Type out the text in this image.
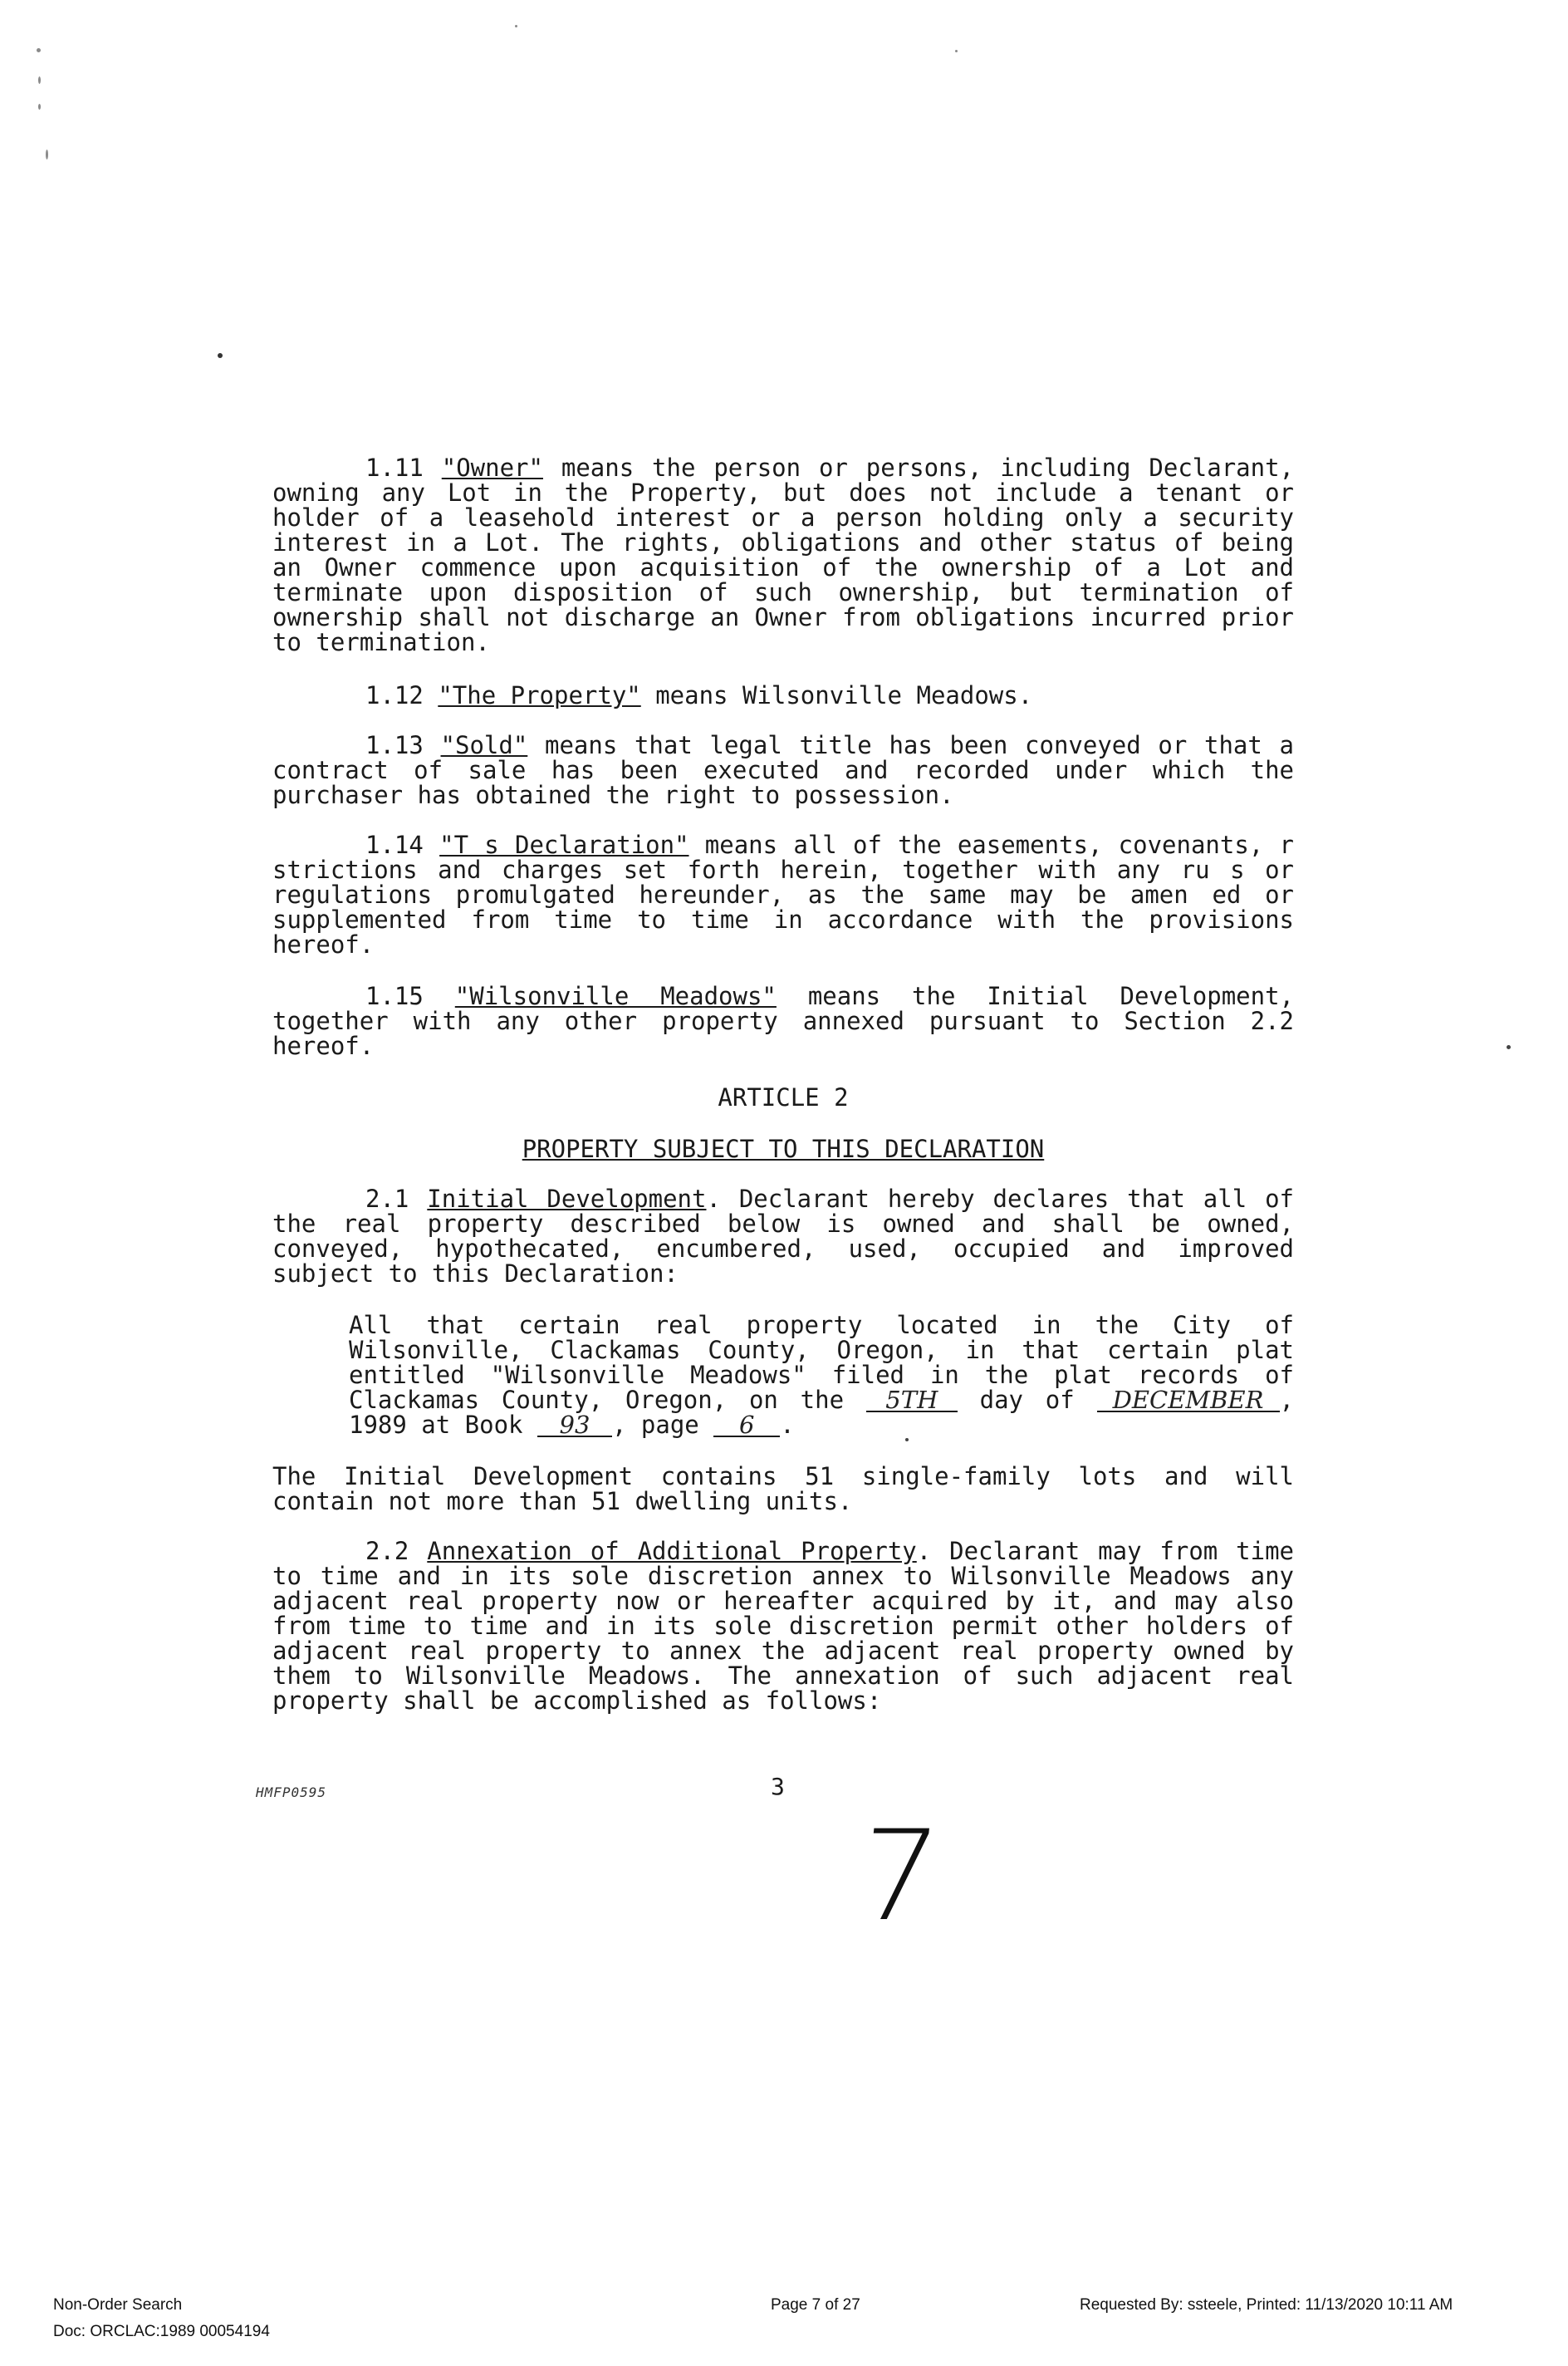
1.11 "Owner" means the person or persons, including Declarant, owning any Lot in the Property, but does not include a tenant or holder of a leasehold interest or a person holding only a security interest in a Lot. The rights, obligations and other status of being an Owner commence upon acquisition of the ownership of a Lot and terminate upon disposition of such ownership, but termination of ownership shall not discharge an Owner from obligations incurred prior to termination.

1.12 "The Property" means Wilsonville Meadows.

1.13 "Sold" means that legal title has been conveyed or that a contract of sale has been executed and recorded under which the purchaser has obtained the right to possession.

1.14 "T s Declaration" means all of the easements, covenants, r strictions and charges set forth herein, together with any ru s or regulations promulgated hereunder, as the same may be amen ed or supplemented from time to time in accordance with the provisions hereof.

1.15 "Wilsonville Meadows" means the Initial Development, together with any other property annexed pursuant to Section 2.2 hereof.

ARTICLE 2

PROPERTY SUBJECT TO THIS DECLARATION

2.1 Initial Development. Declarant hereby declares that all of the real property described below is owned and shall be owned, conveyed, hypothecated, encumbered, used, occupied and improved subject to this Declaration:

All that certain real property located in the City of Wilsonville, Clackamas County, Oregon, in that certain plat entitled "Wilsonville Meadows" filed in the plat records of Clackamas County, Oregon, on the 5TH day of DECEMBER , 1989 at Book 93 , page 6 .

The Initial Development contains 51 single-family lots and will contain not more than 51 dwelling units.

2.2 Annexation of Additional Property. Declarant may from time to time and in its sole discretion annex to Wilsonville Meadows any adjacent real property now or hereafter acquired by it, and may also from time to time and in its sole discretion permit other holders of adjacent real property to annex the adjacent real property owned by them to Wilsonville Meadows. The annexation of such adjacent real property shall be accomplished as follows:

HMFP0595	3
7
Non-Order Search
Doc: ORCLAC:1989 00054194
Page 7 of 27	Requested By: ssteele, Printed: 11/13/2020 10:11 AM
